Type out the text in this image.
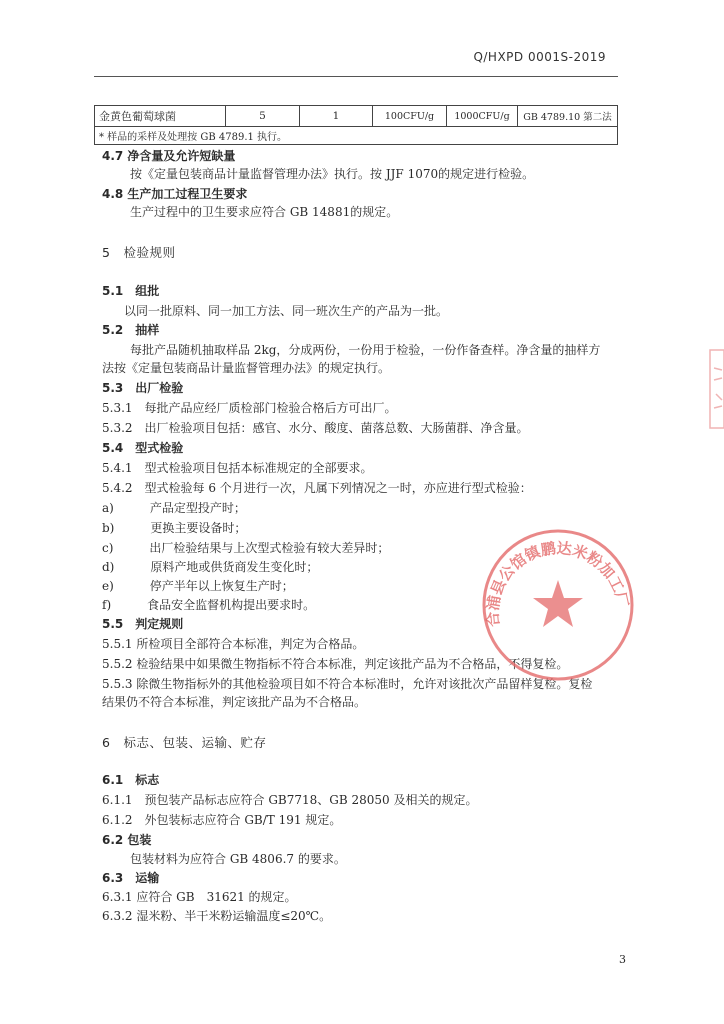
Q/HXPD 0001S-2019
金黄色葡萄球菌	5	1	100CFU/g	1000CFU/g	GB 4789.10 第二法
* 样品的采样及处理按 GB 4789.1 执行。
4.7 净含量及允许短缺量
按《定量包装商品计量监督管理办法》执行。按 JJF 1070的规定进行检验。
4.8 生产加工过程卫生要求
生产过程中的卫生要求应符合 GB 14881的规定。
5　检验规则
5.1　组批
以同一批原料、同一加工方法、同一班次生产的产品为一批。
5.2　抽样
每批产品随机抽取样品 2kg，分成两份，一份用于检验，一份作备查样。净含量的抽样方
法按《定量包装商品计量监督管理办法》的规定执行。
5.3　出厂检验
5.3.1　每批产品应经厂质检部门检验合格后方可出厂。
5.3.2　出厂检验项目包括：感官、水分、酸度、菌落总数、大肠菌群、净含量。
5.4　型式检验
5.4.1　型式检验项目包括本标准规定的全部要求。
5.4.2　型式检验每 6 个月进行一次，凡属下列情况之一时，亦应进行型式检验：
a)　　　产品定型投产时；
b)　　　更换主要设备时；
c)　　　出厂检验结果与上次型式检验有较大差异时；
d)　　　原料产地或供货商发生变化时；
e)　　　停产半年以上恢复生产时；
f)　　　食品安全监督机构提出要求时。
5.5　判定规则
5.5.1 所检项目全部符合本标准，判定为合格品。
5.5.2 检验结果中如果微生物指标不符合本标准，判定该批产品为不合格品，不得复检。
5.5.3 除微生物指标外的其他检验项目如不符合本标准时，允许对该批次产品留样复检。复检
结果仍不符合本标准，判定该批产品为不合格品。
6　标志、包装、运输、贮存
6.1　标志
6.1.1　预包装产品标志应符合 GB7718、GB 28050 及相关的规定。
6.1.2　外包装标志应符合 GB/T 191 规定。
6.2 包装
包装材料为应符合 GB 4806.7 的要求。
6.3　运输
6.3.1 应符合 GB　31621 的规定。
6.3.2 湿米粉、半干米粉运输温度≤20℃。
合浦县公馆镇鹏达米粉加工厂
3
